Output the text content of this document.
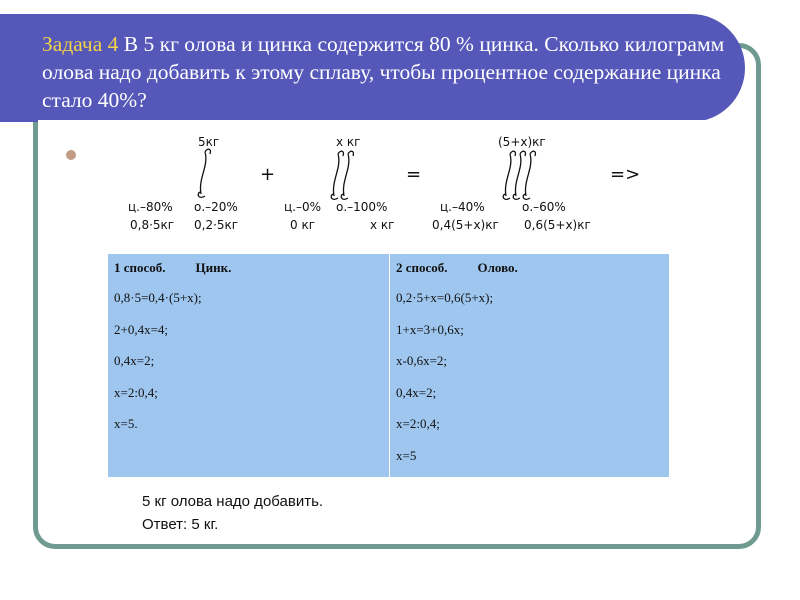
Задача 4 В 5 кг олова и цинка содержится 80 % цинка. Сколько килограмм олова надо добавить к этому сплаву, чтобы процентное содержание цинка стало 40%?
5кг
ц.–80% о.–20%
0,8·5кг 0,2·5кг
+
х кг
ц.–0% о.–100%
0 кг	х кг
=
(5+х)кг
ц.–40%	о.–60%
0,4(5+х)кг 0,6(5+х)кг
=>
1 способ. Цинк.
0,8·5=0,4·(5+х);
2+0,4х=4;
0,4х=2;
х=2:0,4;
х=5.

2 способ. Олово.
0,2·5+х=0,6(5+х);
1+х=3+0,6х;
х-0,6х=2;
0,4х=2;
х=2:0,4;
х=5
5 кг олова надо добавить.
Ответ: 5 кг.
